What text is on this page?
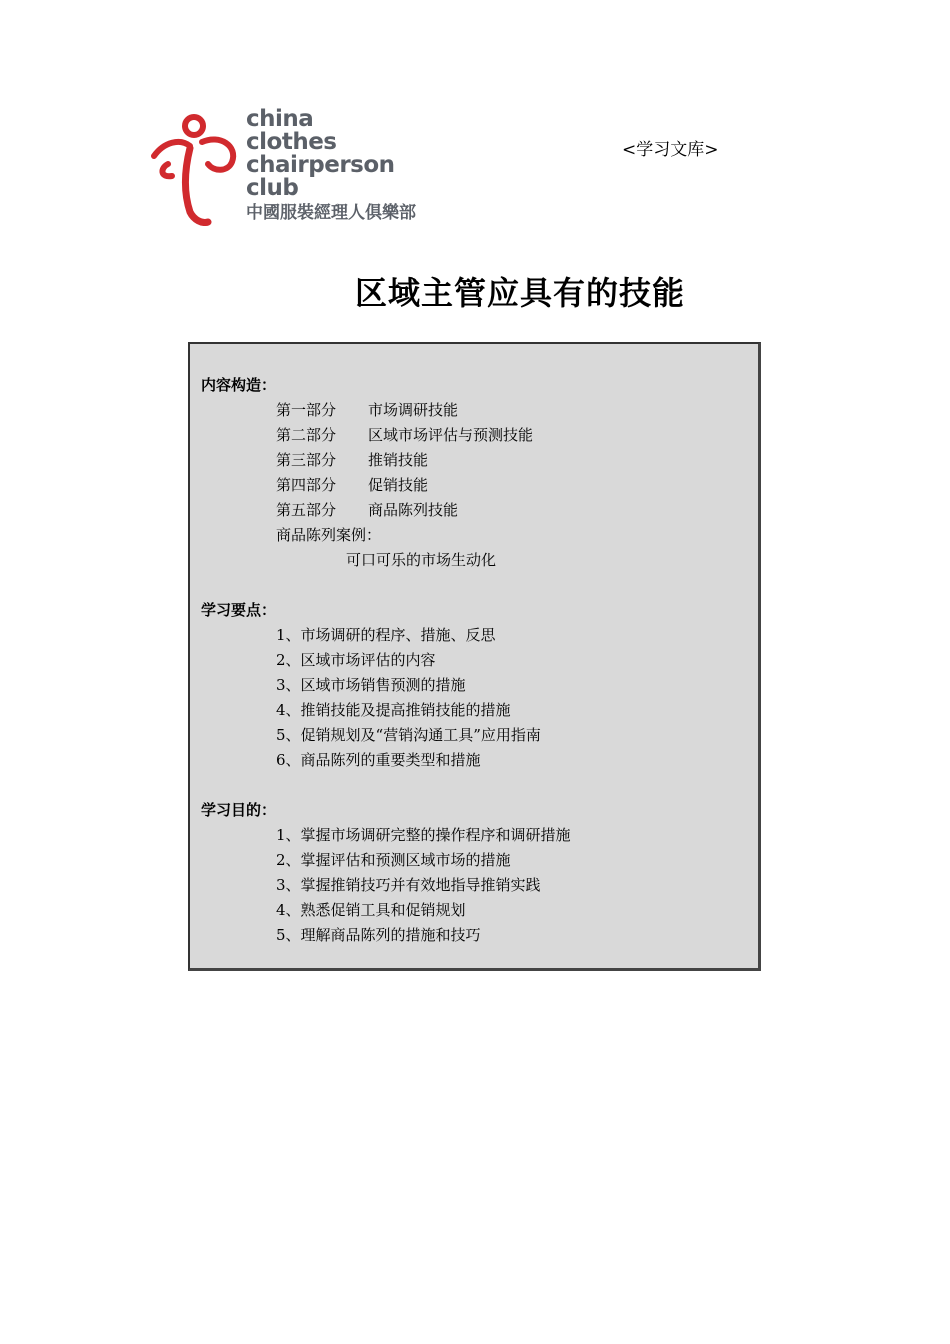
china
clothes
chairperson
club
中國服裝經理人俱樂部
<学习文库>
区域主管应具有的技能
内容构造：
第一部分 市场调研技能
第二部分 区域市场评估与预测技能
第三部分 推销技能
第四部分 促销技能
第五部分 商品陈列技能
商品陈列案例：
可口可乐的市场生动化
学习要点：
1、市场调研的程序、措施、反思
2、区域市场评估的内容
3、区域市场销售预测的措施
4、推销技能及提高推销技能的措施
5、促销规划及“营销沟通工具”应用指南
6、商品陈列的重要类型和措施
学习目的：
1、掌握市场调研完整的操作程序和调研措施
2、掌握评估和预测区域市场的措施
3、掌握推销技巧并有效地指导推销实践
4、熟悉促销工具和促销规划
5、理解商品陈列的措施和技巧
